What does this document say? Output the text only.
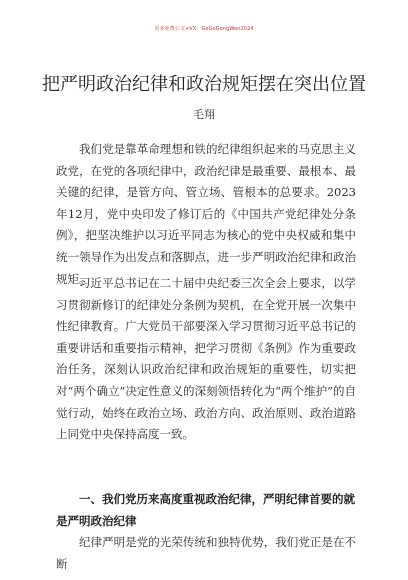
更多免费公文+VX：GoGoGongWen2024
把严明政治纪律和政治规矩摆在突出位置
毛翔
我们党是靠革命理想和铁的纪律组织起来的马克思主义政党，在党的各项纪律中，政治纪律是最重要、最根本、最关键的纪律，是管方向、管立场、管根本的总要求。2023年12月，党中央印发了修订后的《中国共产党纪律处分条例》，把坚决维护以习近平同志为核心的党中央权威和集中统一领导作为出发点和落脚点，进一步严明政治纪律和政治规矩。
习近平总书记在二十届中央纪委三次全会上要求，以学习贯彻新修订的纪律处分条例为契机，在全党开展一次集中性纪律教育。广大党员干部要深入学习贯彻习近平总书记的重要讲话和重要指示精神，把学习贯彻《条例》作为重要政治任务，深刻认识政治纪律和政治规矩的重要性，切实把对“两个确立”决定性意义的深刻领悟转化为“两个维护”的自觉行动，始终在政治立场、政治方向、政治原则、政治道路上同党中央保持高度一致。
一、我们党历来高度重视政治纪律，严明纪律首要的就是严明政治纪律
纪律严明是党的光荣传统和独特优势，我们党正是在不断
